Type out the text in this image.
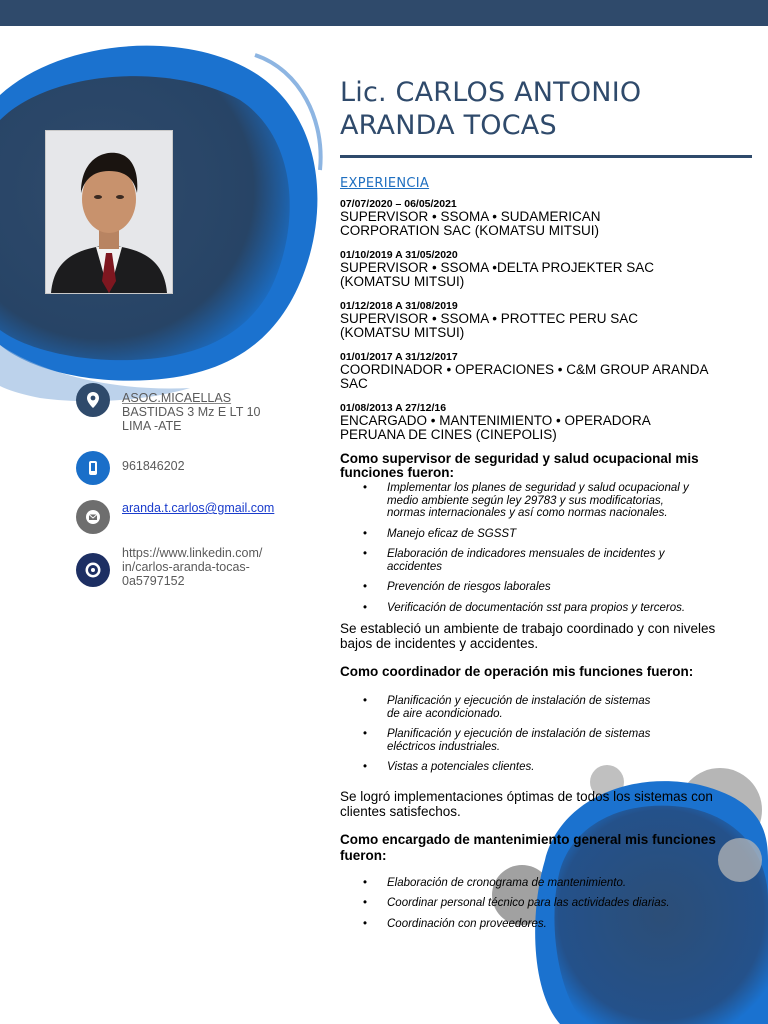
ASOC.MICAELLAS
BASTIDAS 3 Mz E LT 10
LIMA -ATE
961846202
aranda.t.carlos@gmail.com
https://www.linkedin.com/
in/carlos-aranda-tocas-
0a5797152
Lic. CARLOS ANTONIO
ARANDA TOCAS
EXPERIENCIA
07/07/2020 – 06/05/2021
SUPERVISOR • SSOMA • SUDAMERICAN
CORPORATION SAC (KOMATSU MITSUI)
01/10/2019 A 31/05/2020
SUPERVISOR • SSOMA •DELTA PROJEKTER SAC
(KOMATSU MITSUI)
01/12/2018 A 31/08/2019
SUPERVISOR • SSOMA • PROTTEC PERU SAC
(KOMATSU MITSUI)
01/01/2017 A 31/12/2017
COORDINADOR • OPERACIONES • C&M GROUP ARANDA
SAC
01/08/2013 A 27/12/16
ENCARGADO • MANTENIMIENTO • OPERADORA
PERUANA DE CINES (CINEPOLIS)
Como supervisor de seguridad y salud ocupacional mis
funciones fueron:
• Implementar los planes de seguridad y salud ocupacional y
medio ambiente según ley 29783 y sus modificatorias,
normas internacionales y así como normas nacionales.
• Manejo eficaz de SGSST
• Elaboración de indicadores mensuales de incidentes y
accidentes
• Prevención de riesgos laborales
• Verificación de documentación sst para propios y terceros.
Se estableció un ambiente de trabajo coordinado y con niveles
bajos de incidentes y accidentes.
Como coordinador de operación mis funciones fueron:
• Planificación y ejecución de instalación de sistemas
de aire acondicionado.
• Planificación y ejecución de instalación de sistemas
eléctricos industriales.
• Vistas a potenciales clientes.
Se logró implementaciones óptimas de todos los sistemas con
clientes satisfechos.
Como encargado de mantenimiento general mis funciones
fueron:
• Elaboración de cronograma de mantenimiento.
• Coordinar personal técnico para las actividades diarias.
• Coordinación con proveedores.
